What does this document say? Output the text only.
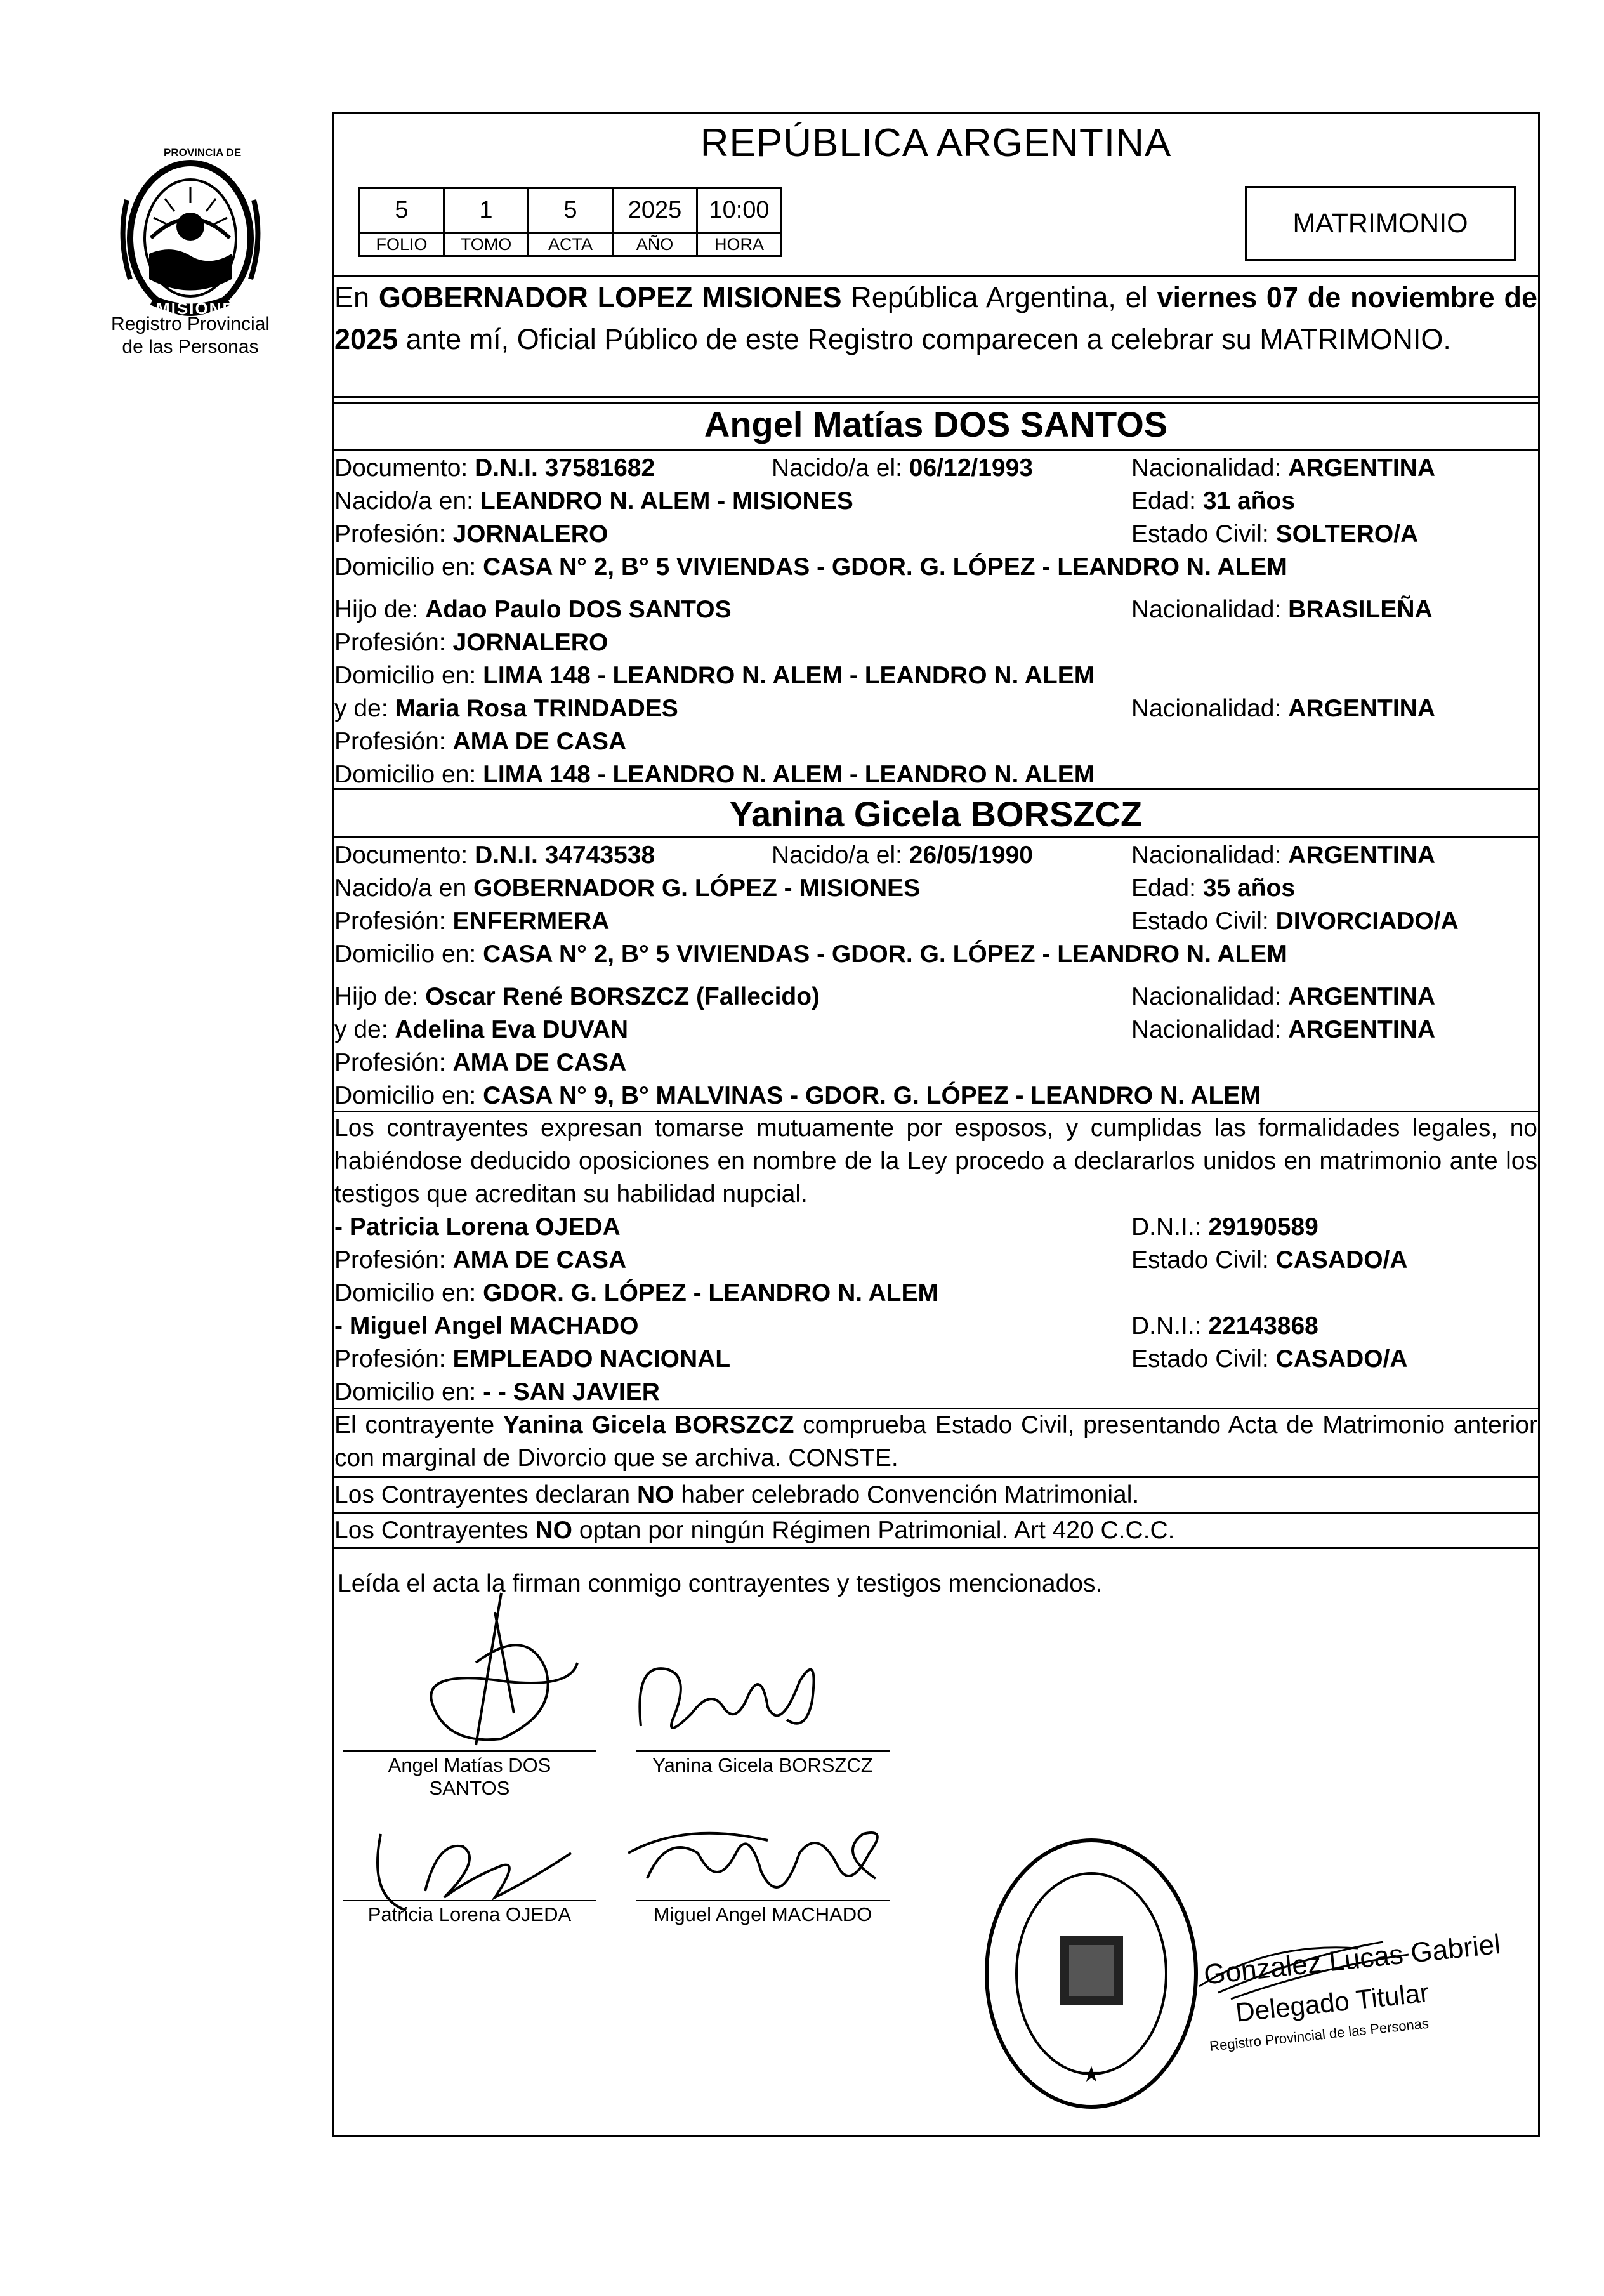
PROVINCIA DE
MISIONES
Registro Provincial
de las Personas
REPÚBLICA ARGENTINA
5	1	5	2025	10:00
FOLIO	TOMO	ACTA	AÑO	HORA
MATRIMONIO
En GOBERNADOR LOPEZ MISIONES República Argentina, el viernes 07 de noviembre de 2025 ante mí, Oficial Público de este Registro comparecen a celebrar su MATRIMONIO.
Angel Matías DOS SANTOS
Documento: D.N.I. 37581682	Nacido/a el: 06/12/1993	Nacionalidad: ARGENTINA
Nacido/a en: LEANDRO N. ALEM - MISIONES	Edad: 31 años
Profesión: JORNALERO	Estado Civil: SOLTERO/A
Domicilio en: CASA N° 2, B° 5 VIVIENDAS - GDOR. G. LÓPEZ - LEANDRO N. ALEM
Hijo de: Adao Paulo DOS SANTOS	Nacionalidad: BRASILEÑA
Profesión: JORNALERO
Domicilio en: LIMA 148 - LEANDRO N. ALEM - LEANDRO N. ALEM
y de: Maria Rosa TRINDADES	Nacionalidad: ARGENTINA
Profesión: AMA DE CASA
Domicilio en: LIMA 148 - LEANDRO N. ALEM - LEANDRO N. ALEM
Yanina Gicela BORSZCZ
Documento: D.N.I. 34743538	Nacido/a el: 26/05/1990	Nacionalidad: ARGENTINA
Nacido/a en GOBERNADOR G. LÓPEZ - MISIONES	Edad: 35 años
Profesión: ENFERMERA	Estado Civil: DIVORCIADO/A
Domicilio en: CASA N° 2, B° 5 VIVIENDAS - GDOR. G. LÓPEZ - LEANDRO N. ALEM
Hijo de: Oscar René BORSZCZ (Fallecido)	Nacionalidad: ARGENTINA
y de: Adelina Eva DUVAN	Nacionalidad: ARGENTINA
Profesión: AMA DE CASA
Domicilio en: CASA N° 9, B° MALVINAS - GDOR. G. LÓPEZ - LEANDRO N. ALEM
Los contrayentes expresan tomarse mutuamente por esposos, y cumplidas las formalidades legales, no habiéndose deducido oposiciones en nombre de la Ley procedo a declararlos unidos en matrimonio ante los testigos que acreditan su habilidad nupcial.
- Patricia Lorena OJEDA	D.N.I.: 29190589
Profesión: AMA DE CASA	Estado Civil: CASADO/A
Domicilio en: GDOR. G. LÓPEZ - LEANDRO N. ALEM
- Miguel Angel MACHADO	D.N.I.: 22143868
Profesión: EMPLEADO NACIONAL	Estado Civil: CASADO/A
Domicilio en: - - SAN JAVIER
El contrayente Yanina Gicela BORSZCZ comprueba Estado Civil, presentando Acta de Matrimonio anterior con marginal de Divorcio que se archiva. CONSTE.
Los Contrayentes declaran NO haber celebrado Convención Matrimonial.
Los Contrayentes NO optan por ningún Régimen Patrimonial. Art 420 C.C.C.
Leída el acta la firman conmigo contrayentes y testigos mencionados.
Angel Matías DOS
SANTOS
Yanina Gicela BORSZCZ
Patricia Lorena OJEDA	Miguel Angel MACHADO
★
Gonzalez Lucas Gabriel
Delegado Titular
Registro Provincial de las Personas
